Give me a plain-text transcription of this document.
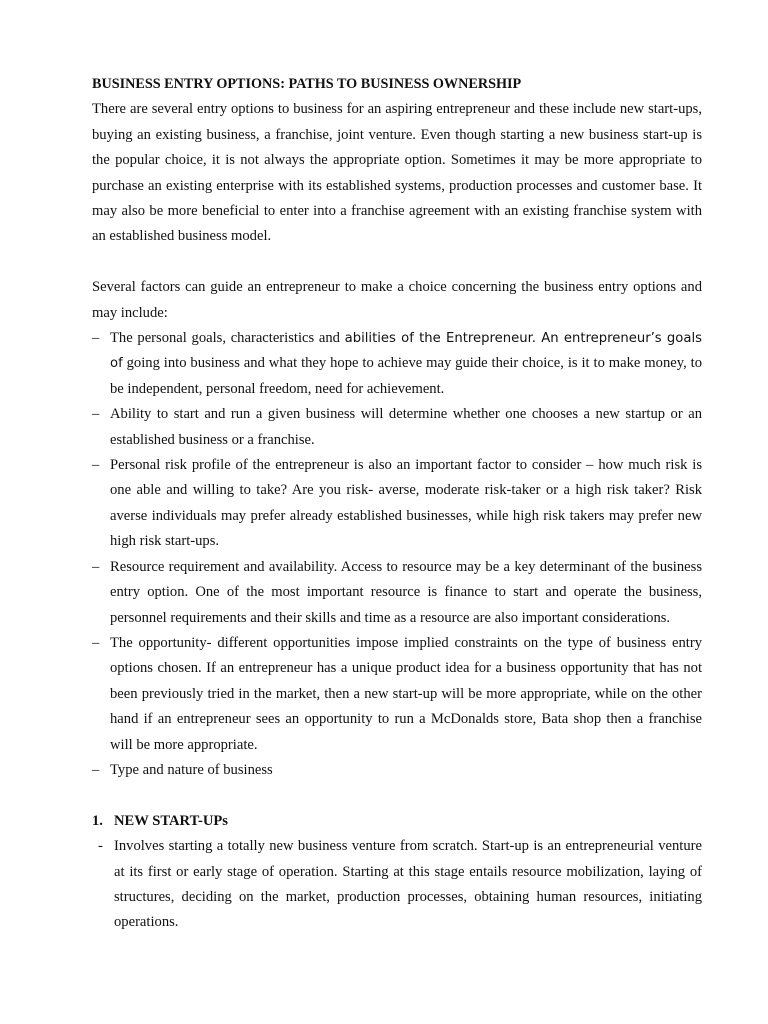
BUSINESS ENTRY OPTIONS: PATHS TO BUSINESS OWNERSHIP

There are several entry options to business for an aspiring entrepreneur and these include new start-ups, buying an existing business, a franchise, joint venture. Even though starting a new business start-up is the popular choice, it is not always the appropriate option. Sometimes it may be more appropriate to purchase an existing enterprise with its established systems, production processes and customer base. It may also be more beneficial to enter into a franchise agreement with an existing franchise system with an established business model.

Several factors can guide an entrepreneur to make a choice concerning the business entry options and may include:

– The personal goals, characteristics and abilities of the Entrepreneur. An entrepreneur’s goals of going into business and what they hope to achieve may guide their choice, is it to make money, to be independent, personal freedom, need for achievement.
– Ability to start and run a given business will determine whether one chooses a new startup or an established business or a franchise.
– Personal risk profile of the entrepreneur is also an important factor to consider – how much risk is one able and willing to take? Are you risk- averse, moderate risk-taker or a high risk taker? Risk averse individuals may prefer already established businesses, while high risk takers may prefer new high risk start-ups.
– Resource requirement and availability. Access to resource may be a key determinant of the business entry option. One of the most important resource is finance to start and operate the business, personnel requirements and their skills and time as a resource are also important considerations.
– The opportunity- different opportunities impose implied constraints on the type of business entry options chosen. If an entrepreneur has a unique product idea for a business opportunity that has not been previously tried in the market, then a new start-up will be more appropriate, while on the other hand if an entrepreneur sees an opportunity to run a McDonalds store, Bata shop then a franchise will be more appropriate.
– Type and nature of business
1. NEW START-UPs
- Involves starting a totally new business venture from scratch. Start-up is an entrepreneurial venture at its first or early stage of operation. Starting at this stage entails resource mobilization, laying of structures, deciding on the market, production processes, obtaining human resources, initiating operations.
